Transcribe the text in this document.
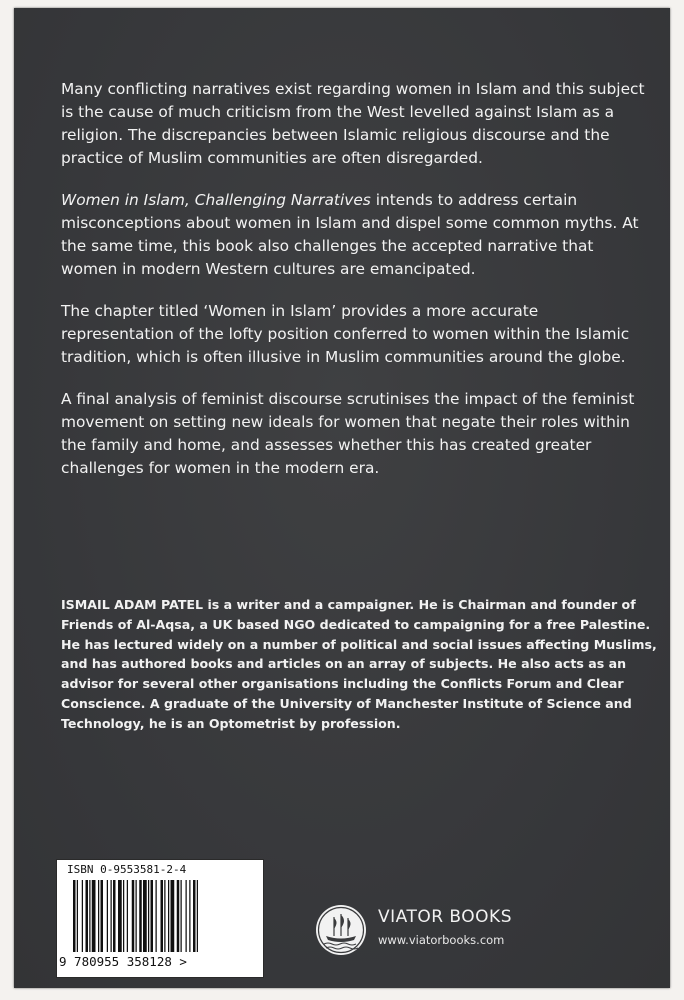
Many conflicting narratives exist regarding women in Islam and this subject is the cause of much criticism from the West levelled against Islam as a religion. The discrepancies between Islamic religious discourse and the practice of Muslim communities are often disregarded.

Women in Islam, Challenging Narratives intends to address certain misconceptions about women in Islam and dispel some common myths. At the same time, this book also challenges the accepted narrative that women in modern Western cultures are emancipated.

The chapter titled ‘Women in Islam’ provides a more accurate representation of the lofty position conferred to women within the Islamic tradition, which is often illusive in Muslim communities around the globe.

A final analysis of feminist discourse scrutinises the impact of the feminist movement on setting new ideals for women that negate their roles within the family and home, and assesses whether this has created greater challenges for women in the modern era.

ISMAIL ADAM PATEL is a writer and a campaigner. He is Chairman and founder of Friends of Al-Aqsa, a UK based NGO dedicated to campaigning for a free Palestine. He has lectured widely on a number of political and social issues affecting Muslims, and has authored books and articles on an array of subjects. He also acts as an advisor for several other organisations including the Conflicts Forum and Clear Conscience. A graduate of the University of Manchester Institute of Science and Technology, he is an Optometrist by profession.
ISBN 0-9553581-2-4
9 780955 358128 >
VIATOR BOOKS
www.viatorbooks.com
